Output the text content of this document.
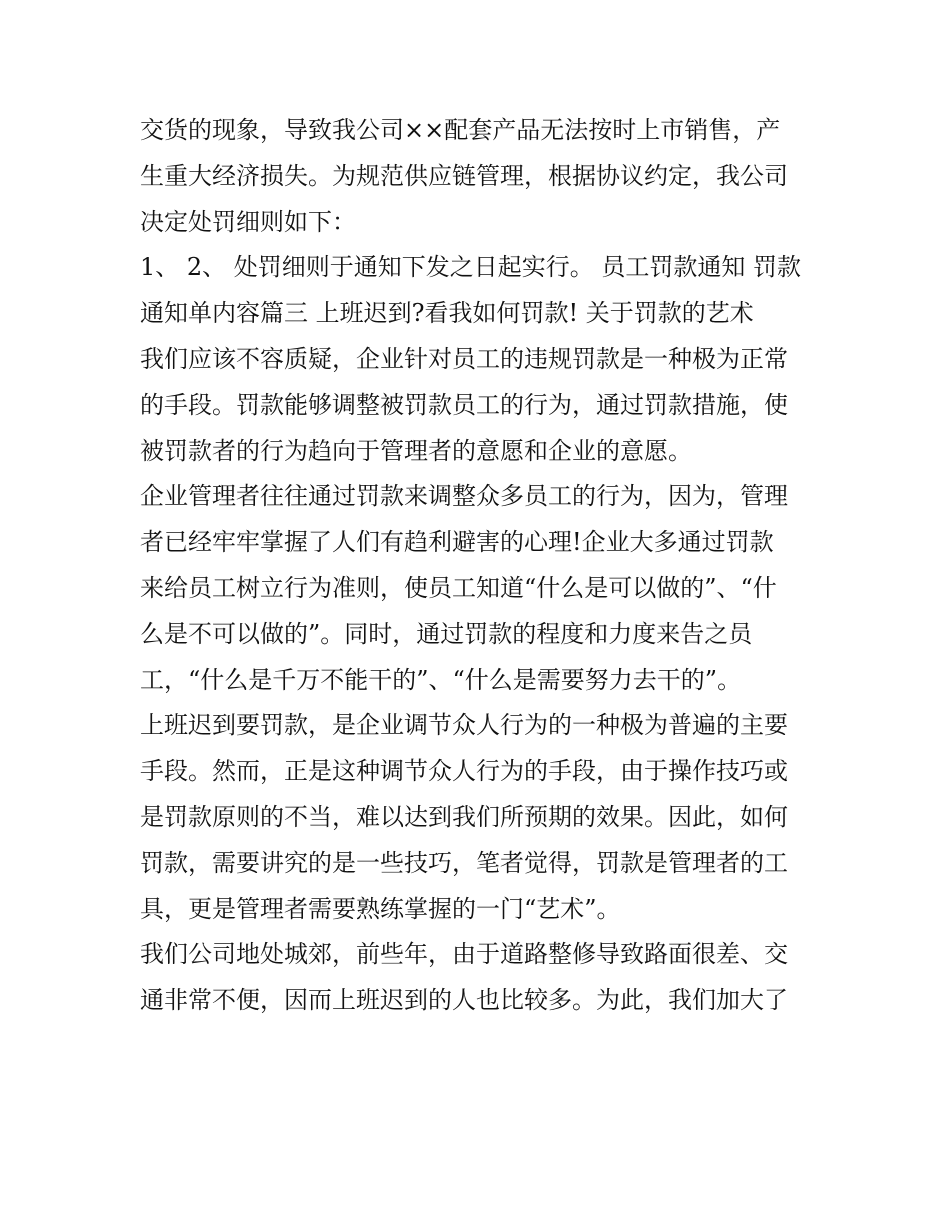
交货的现象，导致我公司××配套产品无法按时上市销售，产
生重大经济损失。为规范供应链管理，根据协议约定，我公司
决定处罚细则如下：
1、 2、 处罚细则于通知下发之日起实行。 员工罚款通知 罚款
通知单内容篇三 上班迟到?看我如何罚款! 关于罚款的艺术
我们应该不容质疑，企业针对员工的违规罚款是一种极为正常
的手段。罚款能够调整被罚款员工的行为，通过罚款措施，使
被罚款者的行为趋向于管理者的意愿和企业的意愿。
企业管理者往往通过罚款来调整众多员工的行为，因为，管理
者已经牢牢掌握了人们有趋利避害的心理!企业大多通过罚款
来给员工树立行为准则，使员工知道“什么是可以做的”、“什
么是不可以做的”。同时，通过罚款的程度和力度来告之员
工，“什么是千万不能干的”、“什么是需要努力去干的”。
上班迟到要罚款，是企业调节众人行为的一种极为普遍的主要
手段。然而，正是这种调节众人行为的手段，由于操作技巧或
是罚款原则的不当，难以达到我们所预期的效果。因此，如何
罚款，需要讲究的是一些技巧，笔者觉得，罚款是管理者的工
具，更是管理者需要熟练掌握的一门“艺术”。
我们公司地处城郊，前些年，由于道路整修导致路面很差、交
通非常不便，因而上班迟到的人也比较多。为此，我们加大了
